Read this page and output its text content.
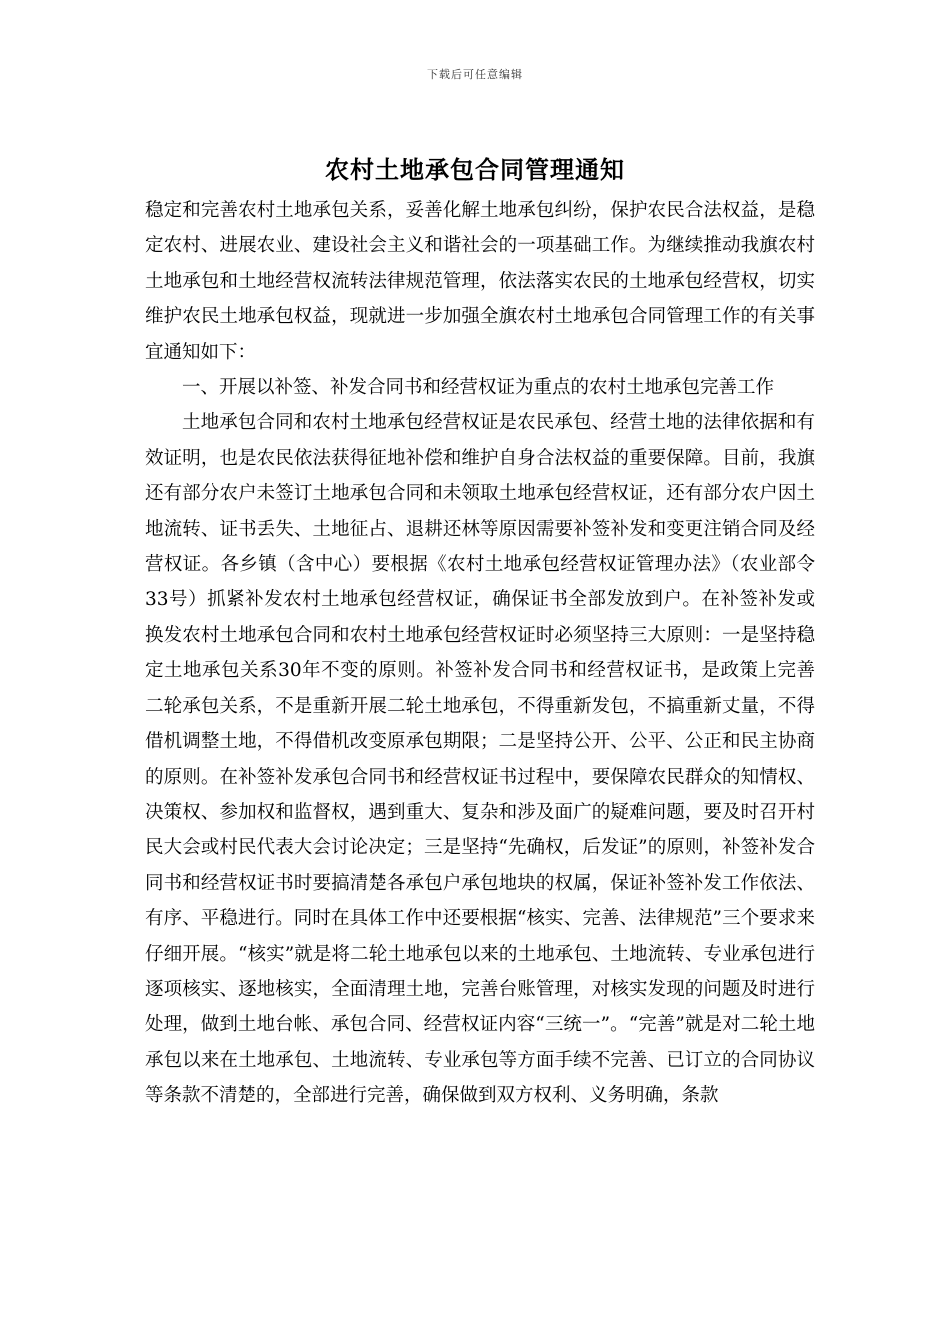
下载后可任意编辑
农村土地承包合同管理通知

稳定和完善农村土地承包关系，妥善化解土地承包纠纷，保护农民合法权益，是稳定农村、进展农业、建设社会主义和谐社会的一项基础工作。为继续推动我旗农村土地承包和土地经营权流转法律规范管理，依法落实农民的土地承包经营权，切实维护农民土地承包权益，现就进一步加强全旗农村土地承包合同管理工作的有关事宜通知如下：

一、开展以补签、补发合同书和经营权证为重点的农村土地承包完善工作

土地承包合同和农村土地承包经营权证是农民承包、经营土地的法律依据和有效证明，也是农民依法获得征地补偿和维护自身合法权益的重要保障。目前，我旗还有部分农户未签订土地承包合同和未领取土地承包经营权证，还有部分农户因土地流转、证书丢失、土地征占、退耕还林等原因需要补签补发和变更注销合同及经营权证。各乡镇（含中心）要根据《农村土地承包经营权证管理办法》（农业部令33号）抓紧补发农村土地承包经营权证，确保证书全部发放到户。在补签补发或换发农村土地承包合同和农村土地承包经营权证时必须坚持三大原则：一是坚持稳定土地承包关系30年不变的原则。补签补发合同书和经营权证书，是政策上完善二轮承包关系，不是重新开展二轮土地承包，不得重新发包，不搞重新丈量，不得借机调整土地，不得借机改变原承包期限；二是坚持公开、公平、公正和民主协商的原则。在补签补发承包合同书和经营权证书过程中，要保障农民群众的知情权、决策权、参加权和监督权，遇到重大、复杂和涉及面广的疑难问题，要及时召开村民大会或村民代表大会讨论决定；三是坚持“先确权，后发证”的原则，补签补发合同书和经营权证书时要搞清楚各承包户承包地块的权属，保证补签补发工作依法、有序、平稳进行。同时在具体工作中还要根据“核实、完善、法律规范”三个要求来仔细开展。“核实”就是将二轮土地承包以来的土地承包、土地流转、专业承包进行逐项核实、逐地核实，全面清理土地，完善台账管理，对核实发现的问题及时进行处理，做到土地台帐、承包合同、经营权证内容“三统一”。“完善”就是对二轮土地承包以来在土地承包、土地流转、专业承包等方面手续不完善、已订立的合同协议等条款不清楚的，全部进行完善，确保做到双方权利、义务明确，条款
